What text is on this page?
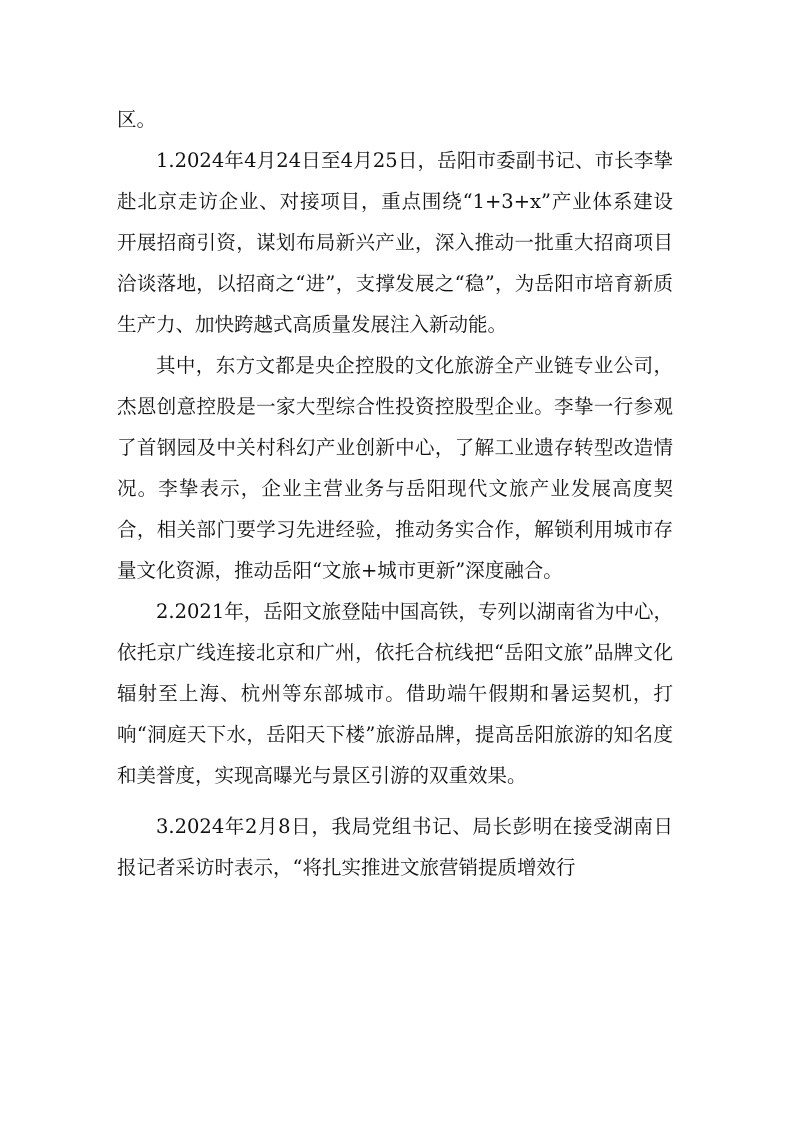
区。

1.2024年4月24日至4月25日，岳阳市委副书记、市长李挚赴北京走访企业、对接项目，重点围绕“1+3+x”产业体系建设开展招商引资，谋划布局新兴产业，深入推动一批重大招商项目洽谈落地，以招商之“进”，支撑发展之“稳”，为岳阳市培育新质生产力、加快跨越式高质量发展注入新动能。

其中，东方文都是央企控股的文化旅游全产业链专业公司，杰恩创意控股是一家大型综合性投资控股型企业。李挚一行参观了首钢园及中关村科幻产业创新中心，了解工业遗存转型改造情况。李挚表示，企业主营业务与岳阳现代文旅产业发展高度契合，相关部门要学习先进经验，推动务实合作，解锁利用城市存量文化资源，推动岳阳“文旅+城市更新”深度融合。

2.2021年，岳阳文旅登陆中国高铁，专列以湖南省为中心，依托京广线连接北京和广州，依托合杭线把“岳阳文旅”品牌文化辐射至上海、杭州等东部城市。借助端午假期和暑运契机，打响“洞庭天下水，岳阳天下楼”旅游品牌，提高岳阳旅游的知名度和美誉度，实现高曝光与景区引游的双重效果。

3.2024年2月8日，我局党组书记、局长彭明在接受湖南日报记者采访时表示，“将扎实推进文旅营销提质增效行
